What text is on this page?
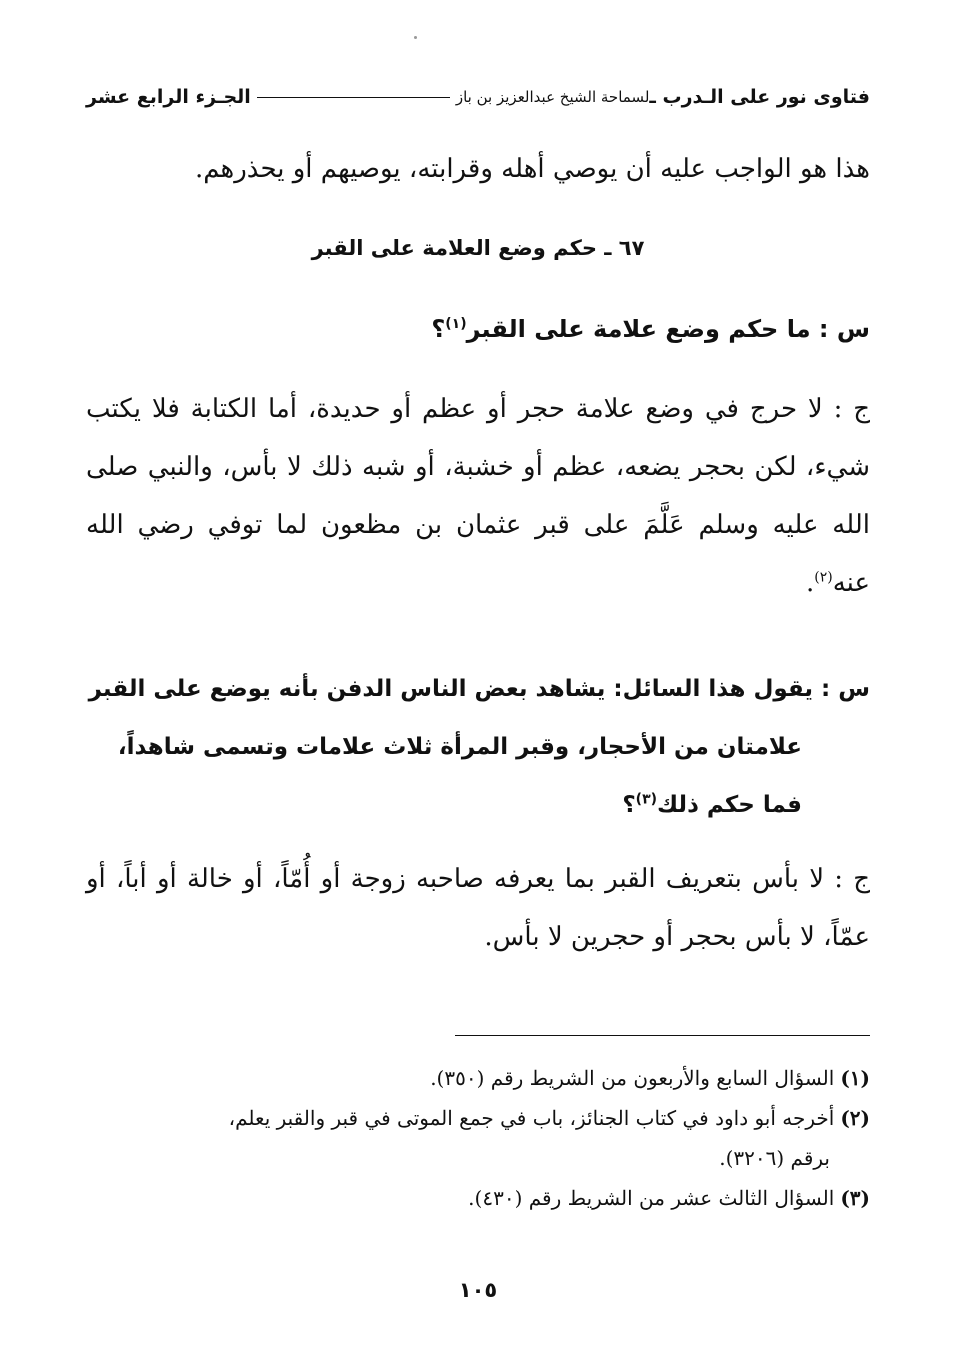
فتاوى نور على الـدرب ـ
لسماحة الشيخ عبدالعزيز بن باز
الجـزء الرابع عشر
هذا هو الواجب عليه أن يوصي أهله وقرابته، يوصيهم أو يحذرهم.
٦٧ ـ حكم وضع العلامة على القبر
س : ما حكم وضع علامة على القبر$^{(١)}$؟
ج : لا حرج في وضع علامة حجر أو عظم أو حديدة، أما الكتابة فلا يكتب شيء، لكن بحجر يضعه، عظم أو خشبة، أو شبه ذلك لا بأس، والنبي صلى الله عليه وسلم عَلَّمَ على قبر عثمان بن مظعون لما توفي رضي الله عنه$^{(٢)}$.
س : يقول هذا السائل: يشاهد بعض الناس الدفن بأنه يوضع على القبر
علامتان من الأحجار، وقبر المرأة ثلاث علامات وتسمى شاهداً،
فما حكم ذلك$^{(٣)}$؟
ج : لا بأس بتعريف القبر بما يعرفه صاحبه زوجة أو أُمّاً، أو خالة أو أباً، أو عمّاً، لا بأس بحجر أو حجرين لا بأس.
(١)السؤال السابع والأربعون من الشريط رقم (٣٥٠).
(٢)أخرجه أبو داود في كتاب الجنائز، باب في جمع الموتى في قبر والقبر يعلم،
برقم (٣٢٠٦).
(٣)السؤال الثالث عشر من الشريط رقم (٤٣٠).
١٠٥
